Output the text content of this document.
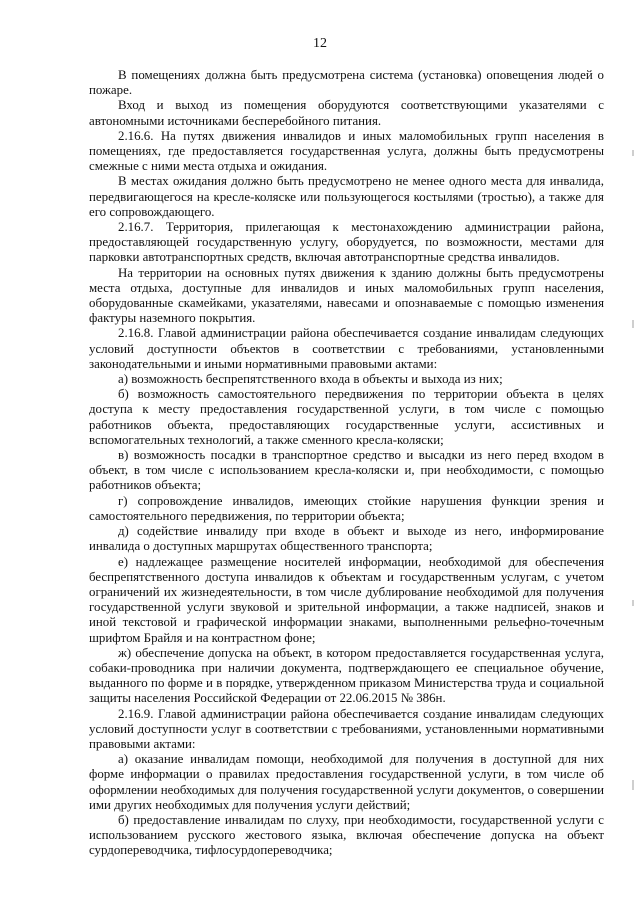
12

В помещениях должна быть предусмотрена система (установка) оповещения людей о пожаре.

Вход и выход из помещения оборудуются соответствующими указателями с автономными источниками бесперебойного питания.

2.16.6. На путях движения инвалидов и иных маломобильных групп населения в помещениях, где предоставляется государственная услуга, должны быть предусмотрены смежные с ними места отдыха и ожидания.

В местах ожидания должно быть предусмотрено не менее одного места для инвалида, передвигающегося на кресле-коляске или пользующегося костылями (тростью), а также для его сопровождающего.

2.16.7. Территория, прилегающая к местонахождению администрации района, предоставляющей государственную услугу, оборудуется, по возможности, местами для парковки автотранспортных средств, включая автотранспортные средства инвалидов.

На территории на основных путях движения к зданию должны быть предусмотрены места отдыха, доступные для инвалидов и иных маломобильных групп населения, оборудованные скамейками, указателями, навесами и опознаваемые с помощью изменения фактуры наземного покрытия.

2.16.8. Главой администрации района обеспечивается создание инвалидам следующих условий доступности объектов в соответствии с требованиями, установленными законодательными и иными нормативными правовыми актами:

а) возможность беспрепятственного входа в объекты и выхода из них;

б) возможность самостоятельного передвижения по территории объекта в целях доступа к месту предоставления государственной услуги, в том числе с помощью работников объекта, предоставляющих государственные услуги, ассистивных и вспомогательных технологий, а также сменного кресла-коляски;

в) возможность посадки в транспортное средство и высадки из него перед входом в объект, в том числе с использованием кресла-коляски и, при необходимости, с помощью работников объекта;

г) сопровождение инвалидов, имеющих стойкие нарушения функции зрения и самостоятельного передвижения, по территории объекта;

д) содействие инвалиду при входе в объект и выходе из него, информирование инвалида о доступных маршрутах общественного транспорта;

е) надлежащее размещение носителей информации, необходимой для обеспечения беспрепятственного доступа инвалидов к объектам и государственным услугам, с учетом ограничений их жизнедеятельности, в том числе дублирование необходимой для получения государственной услуги звуковой и зрительной информации, а также надписей, знаков и иной текстовой и графической информации знаками, выполненными рельефно-точечным шрифтом Брайля и на контрастном фоне;

ж) обеспечение допуска на объект, в котором предоставляется государственная услуга, собаки-проводника при наличии документа, подтверждающего ее специальное обучение, выданного по форме и в порядке, утвержденном приказом Министерства труда и социальной защиты населения Российской Федерации от 22.06.2015 № 386н.

2.16.9. Главой администрации района обеспечивается создание инвалидам следующих условий доступности услуг в соответствии с требованиями, установленными нормативными правовыми актами:

а) оказание инвалидам помощи, необходимой для получения в доступной для них форме информации о правилах предоставления государственной услуги, в том числе об оформлении необходимых для получения государственной услуги документов, о совершении ими других необходимых для получения услуги действий;

б) предоставление инвалидам по слуху, при необходимости, государственной услуги с использованием русского жестового языка, включая обеспечение допуска на объект сурдопереводчика, тифлосурдопереводчика;
